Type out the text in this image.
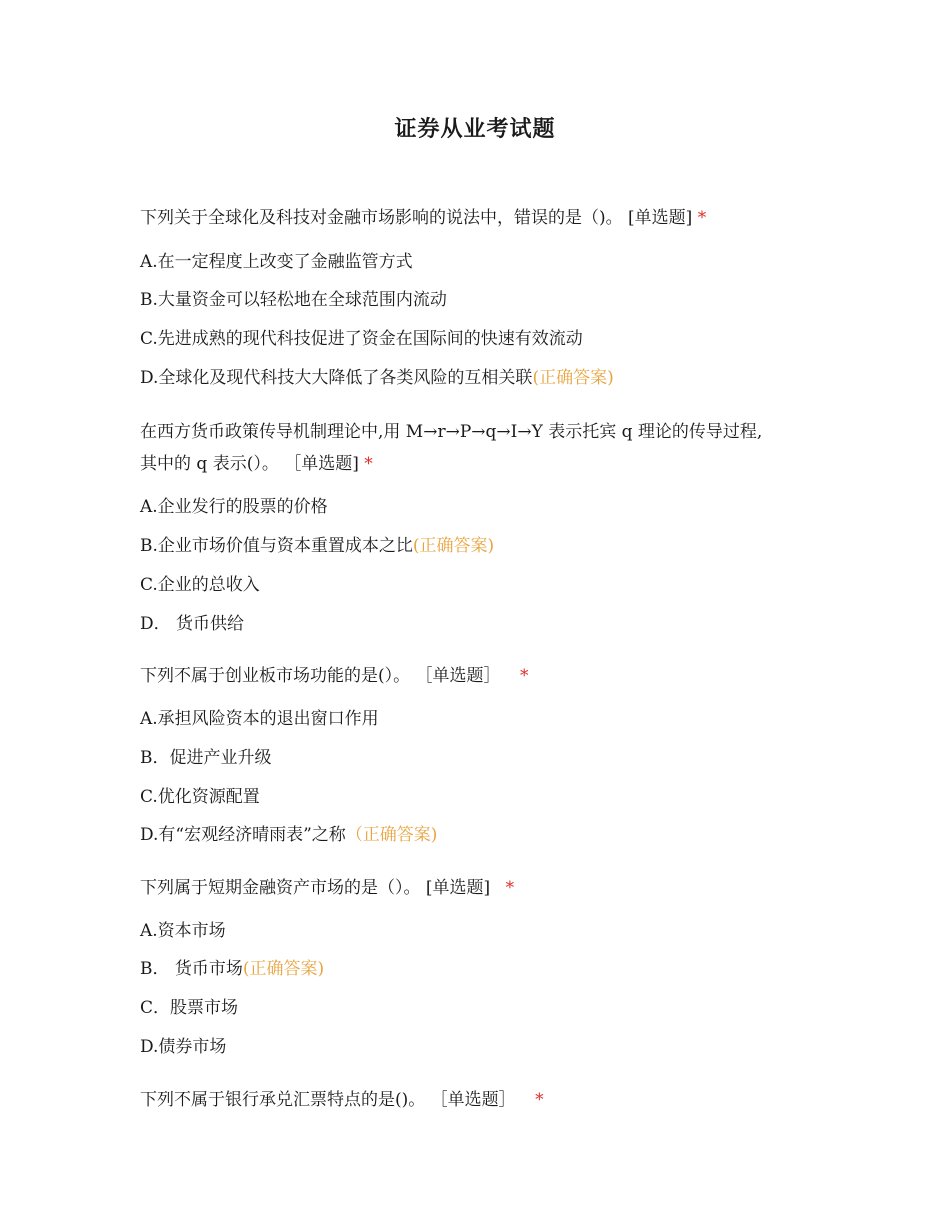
证券从业考试题
下列关于全球化及科技对金融市场影响的说法中，错误的是（)。 [单选题] *
A.在一定程度上改变了金融监管方式
B.大量资金可以轻松地在全球范围内流动
C.先进成熟的现代科技促进了资金在国际间的快速有效流动
D.全球化及现代科技大大降低了各类风险的互相关联(正确答案)
在西方货币政策传导机制理论中,用 M→r→P→q→I→Y 表示托宾 q 理论的传导过程,
其中的 q 表示(）。 ［单选题] *
A.企业发行的股票的价格
B.企业市场价值与资本重置成本之比(正确答案)
C.企业的总收入
D． 货币供给
下列不属于创业板市场功能的是(）。 ［单选题］ *
A.承担风险资本的退出窗口作用
B．促进产业升级
C.优化资源配置
D.有“宏观经济晴雨表”之称（正确答案)
下列属于短期金融资产市场的是（）。 [单选题] *
A.资本市场
B． 货币市场(正确答案)
C．股票市场
D.债券市场
下列不属于银行承兑汇票特点的是()。 ［单选题］ *
